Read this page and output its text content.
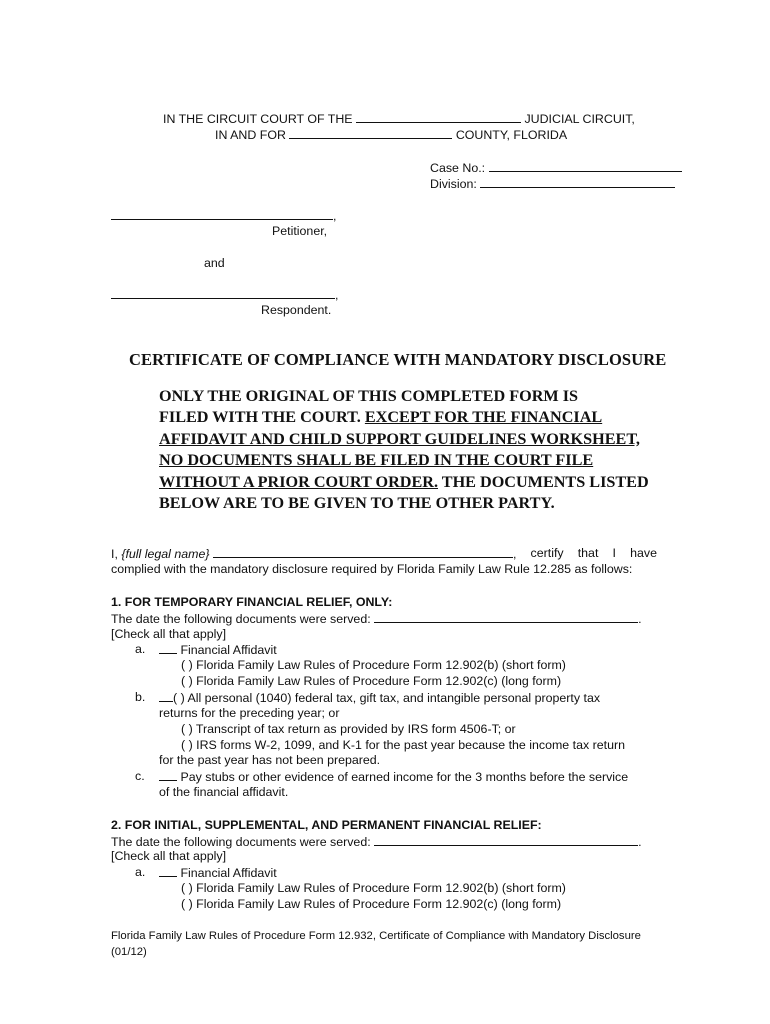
IN THE CIRCUIT COURT OF THE	JUDICIAL CIRCUIT,
IN AND FOR	COUNTY, FLORIDA
Case No.:
Division:
,
Petitioner,
and
,
Respondent.
CERTIFICATE OF COMPLIANCE WITH MANDATORY DISCLOSURE
ONLY THE ORIGINAL OF THIS COMPLETED FORM IS
FILED WITH THE COURT. EXCEPT FOR THE FINANCIAL
AFFIDAVIT AND CHILD SUPPORT GUIDELINES WORKSHEET,
NO DOCUMENTS SHALL BE FILED IN THE COURT FILE
WITHOUT A PRIOR COURT ORDER. THE DOCUMENTS LISTED
BELOW ARE TO BE GIVEN TO THE OTHER PARTY.
I, {full legal name}	, certify that I have
complied with the mandatory disclosure required by Florida Family Law Rule 12.285 as follows:
1. FOR TEMPORARY FINANCIAL RELIEF, ONLY:
The date the following documents were served:	.
[Check all that apply]
a.	Financial Affidavit
( ) Florida Family Law Rules of Procedure Form 12.902(b) (short form)
( ) Florida Family Law Rules of Procedure Form 12.902(c) (long form)
b.	( ) All personal (1040) federal tax, gift tax, and intangible personal property tax
returns for the preceding year; or
( ) Transcript of tax return as provided by IRS form 4506-T; or
( ) IRS forms W-2, 1099, and K-1 for the past year because the income tax return
for the past year has not been prepared.
c.	Pay stubs or other evidence of earned income for the 3 months before the service
of the financial affidavit.
2. FOR INITIAL, SUPPLEMENTAL, AND PERMANENT FINANCIAL RELIEF:
The date the following documents were served:	.
[Check all that apply]
a.	Financial Affidavit
( ) Florida Family Law Rules of Procedure Form 12.902(b) (short form)
( ) Florida Family Law Rules of Procedure Form 12.902(c) (long form)
Florida Family Law Rules of Procedure Form 12.932, Certificate of Compliance with Mandatory Disclosure
(01/12)
